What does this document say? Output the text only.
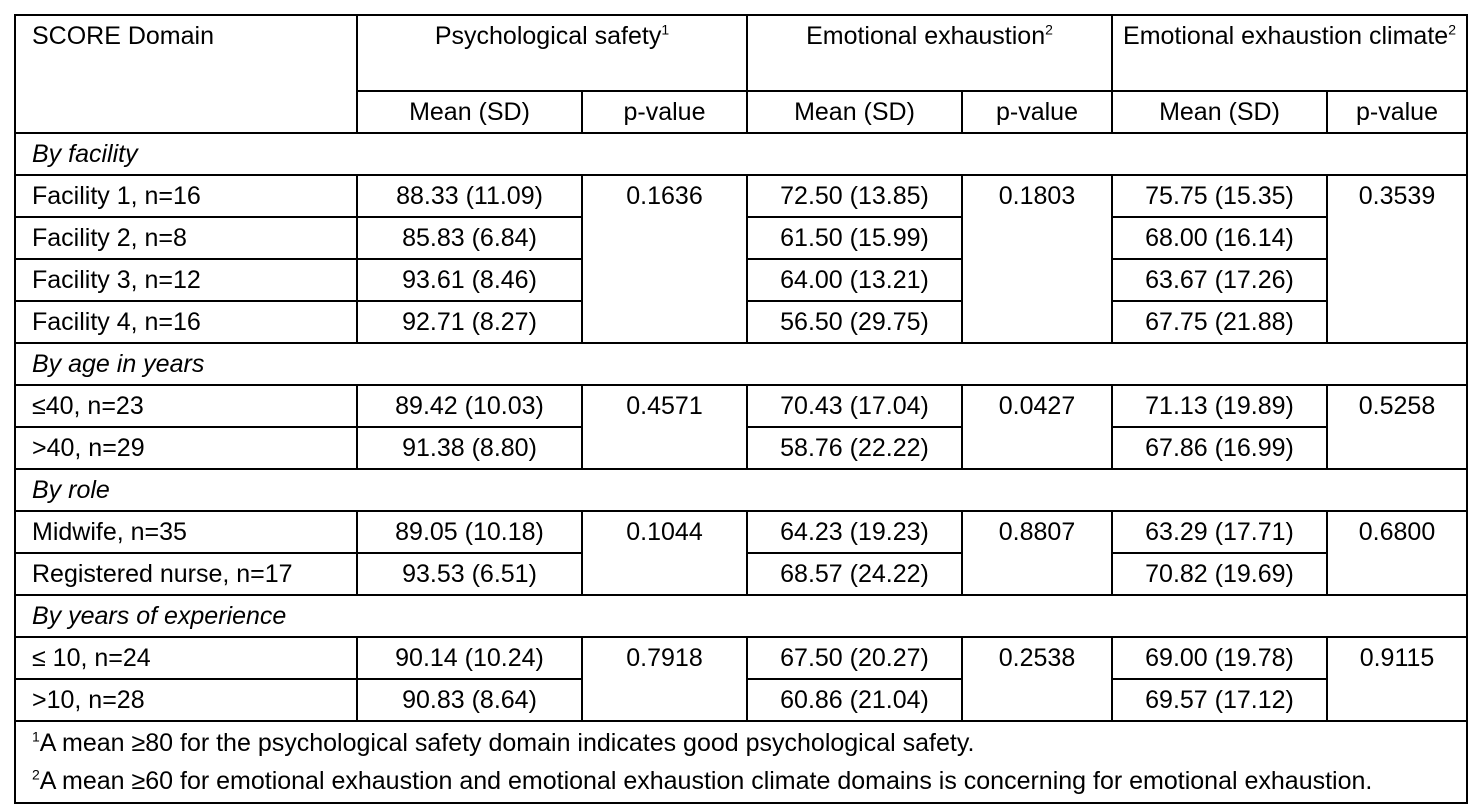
SCORE Domain	Psychological safety$^1$		Emotional exhaustion$^2$		Emotional exhaustion climate$^2$
	Mean (SD)	p-value	Mean (SD)	p-value	Mean (SD)	p-value
By facility						
Facility 1, n=16	88.33 (11.09)	0.1636	72.50 (13.85)	0.1803	75.75 (15.35)	0.3539
Facility 2, n=8	85.83 (6.84)		61.50 (15.99)		68.00 (16.14)	
Facility 3, n=12	93.61 (8.46)		64.00 (13.21)		63.67 (17.26)	
Facility 4, n=16	92.71 (8.27)		56.50 (29.75)		67.75 (21.88)	
By age in years						
≤40, n=23	89.42 (10.03)	0.4571	70.43 (17.04)	0.0427	71.13 (19.89)	0.5258
>40, n=29	91.38 (8.80)		58.76 (22.22)		67.86 (16.99)	
By role						
Midwife, n=35	89.05 (10.18)	0.1044	64.23 (19.23)	0.8807	63.29 (17.71)	0.6800
Registered nurse, n=17	93.53 (6.51)		68.57 (24.22)		70.82 (19.69)	
By years of experience						
≤ 10, n=24	90.14 (10.24)	0.7918	67.50 (20.27)	0.2538	69.00 (19.78)	0.9115
>10, n=28	90.83 (8.64)		60.86 (21.04)		69.57 (17.12)	

$^1$A mean ≥80 for the psychological safety domain indicates good psychological safety.
$^2$A mean ≥60 for emotional exhaustion and emotional exhaustion climate domains is concerning for emotional exhaustion.						
